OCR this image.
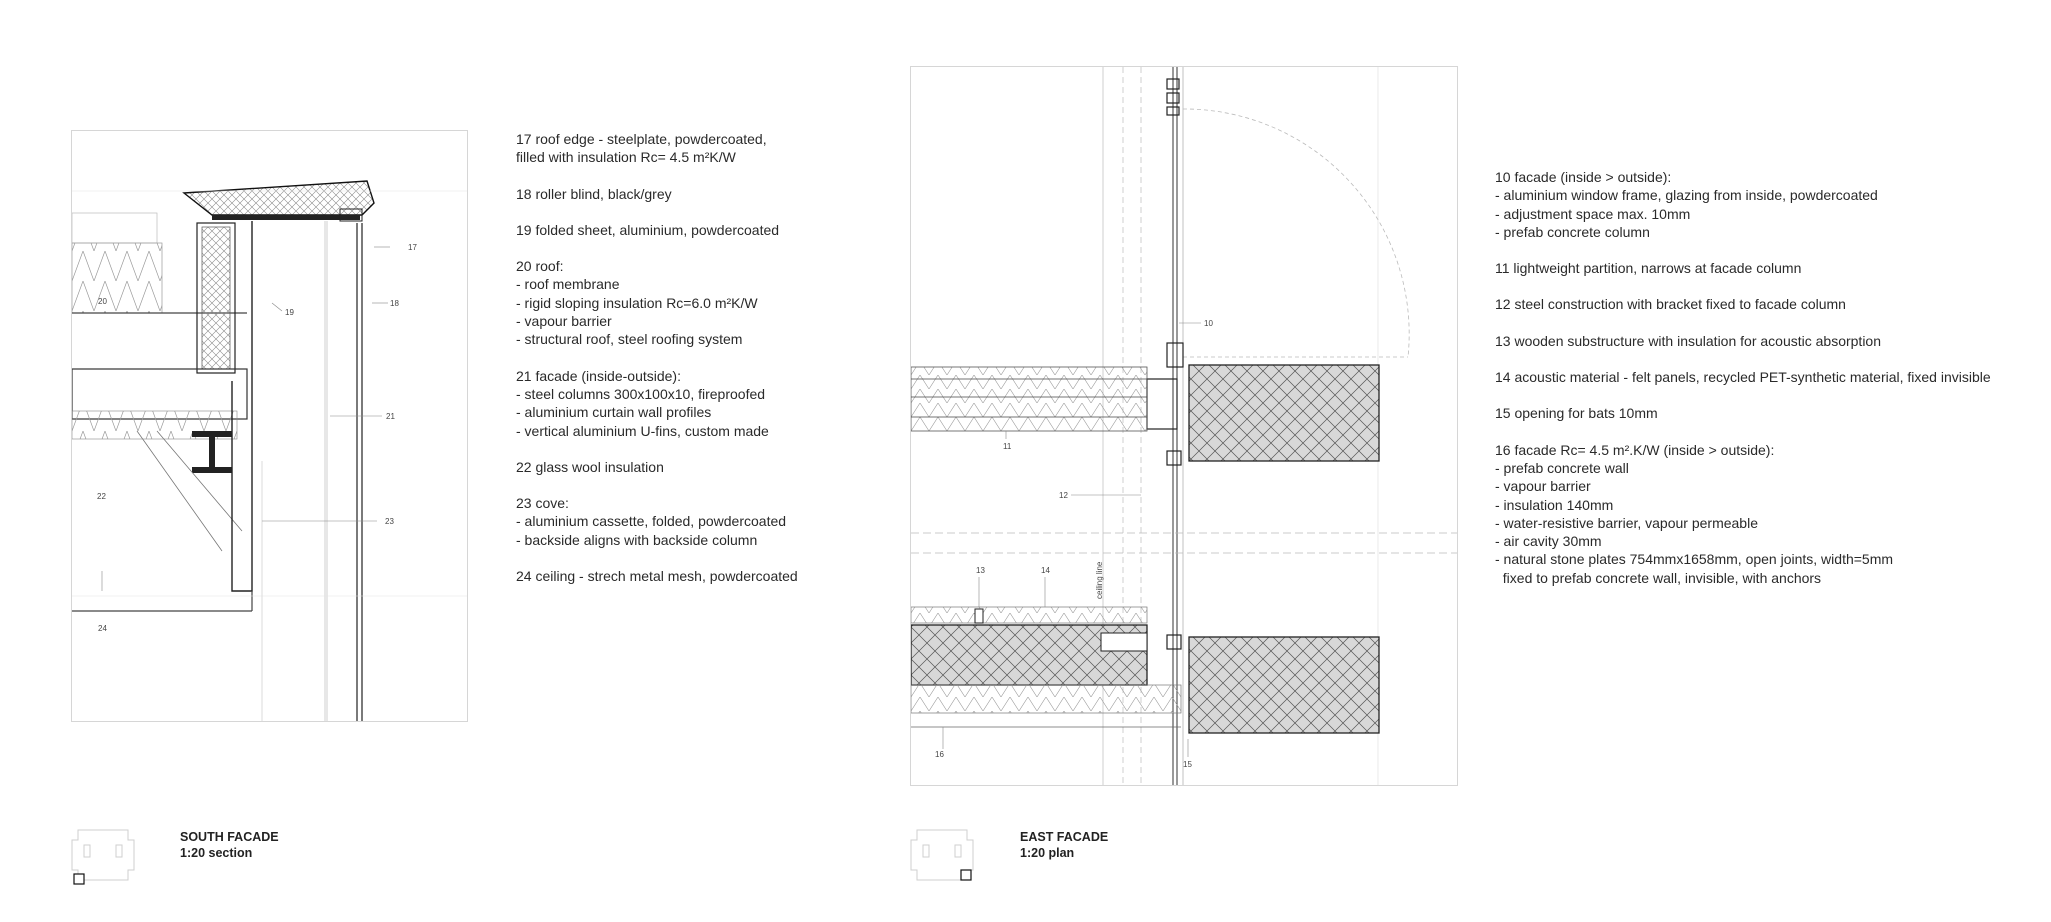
17
18
19
20
21
22
23
24
17 roof edge - steelplate, powdercoated,
filled with insulation Rc= 4.5 m²K/W
18 roller blind, black/grey
19 folded sheet, aluminium, powdercoated
20 roof:
- roof membrane
- rigid sloping insulation Rc=6.0 m²K/W
- vapour barrier
- structural roof, steel roofing system
21 facade (inside-outside):
- steel columns 300x100x10, fireproofed
- aluminium curtain wall profiles
- vertical aluminium U-fins, custom made
22 glass wool insulation
23 cove:
- aluminium cassette, folded, powdercoated
- backside aligns with backside column
24 ceiling - strech metal mesh, powdercoated
SOUTH FACADE
1:20 section
10
11
12
13	14
15
16
ceiling line
10 facade (inside > outside):
- aluminium window frame, glazing from inside, powdercoated
- adjustment space max. 10mm
- prefab concrete column
11 lightweight partition, narrows at facade column
12 steel construction with bracket fixed to facade column
13 wooden substructure with insulation for acoustic absorption
14 acoustic material - felt panels, recycled PET-synthetic material, fixed invisible
15 opening for bats 10mm
16 facade Rc= 4.5 m².K/W (inside > outside):
- prefab concrete wall
- vapour barrier
- insulation 140mm
- water-resistive barrier, vapour permeable
- air cavity 30mm
- natural stone plates 754mmx1658mm, open joints, width=5mm
fixed to prefab concrete wall, invisible, with anchors
EAST FACADE
1:20 plan
